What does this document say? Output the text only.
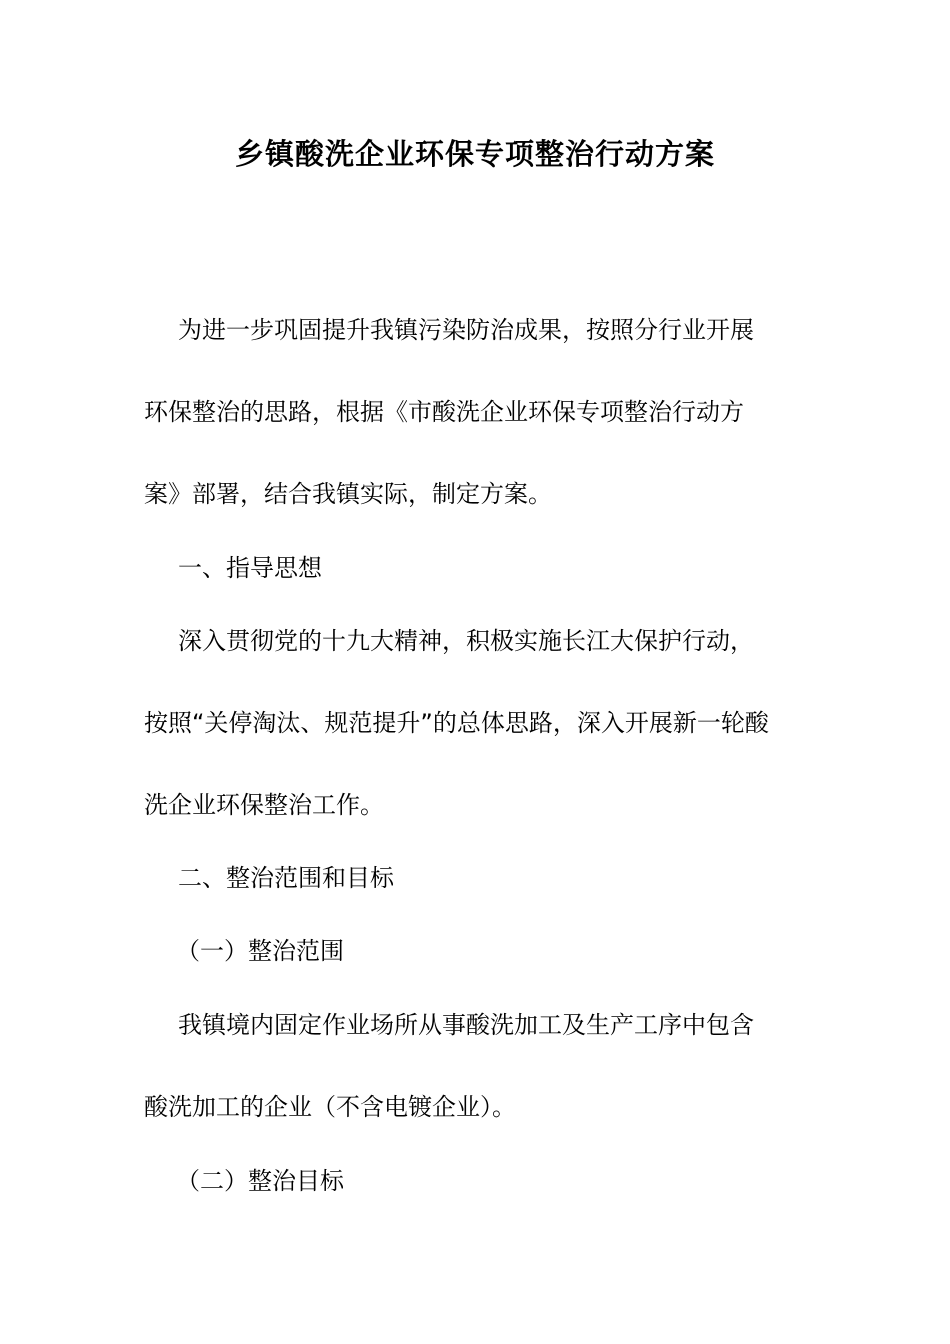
乡镇酸洗企业环保专项整治行动方案
为进一步巩固提升我镇污染防治成果，按照分行业开展
环保整治的思路，根据《市酸洗企业环保专项整治行动方
案》部署，结合我镇实际，制定方案。
一、指导思想
深入贯彻党的十九大精神，积极实施长江大保护行动，
按照“关停淘汰、规范提升”的总体思路，深入开展新一轮酸
洗企业环保整治工作。
二、整治范围和目标
（一）整治范围
我镇境内固定作业场所从事酸洗加工及生产工序中包含
酸洗加工的企业（不含电镀企业）。
（二）整治目标
